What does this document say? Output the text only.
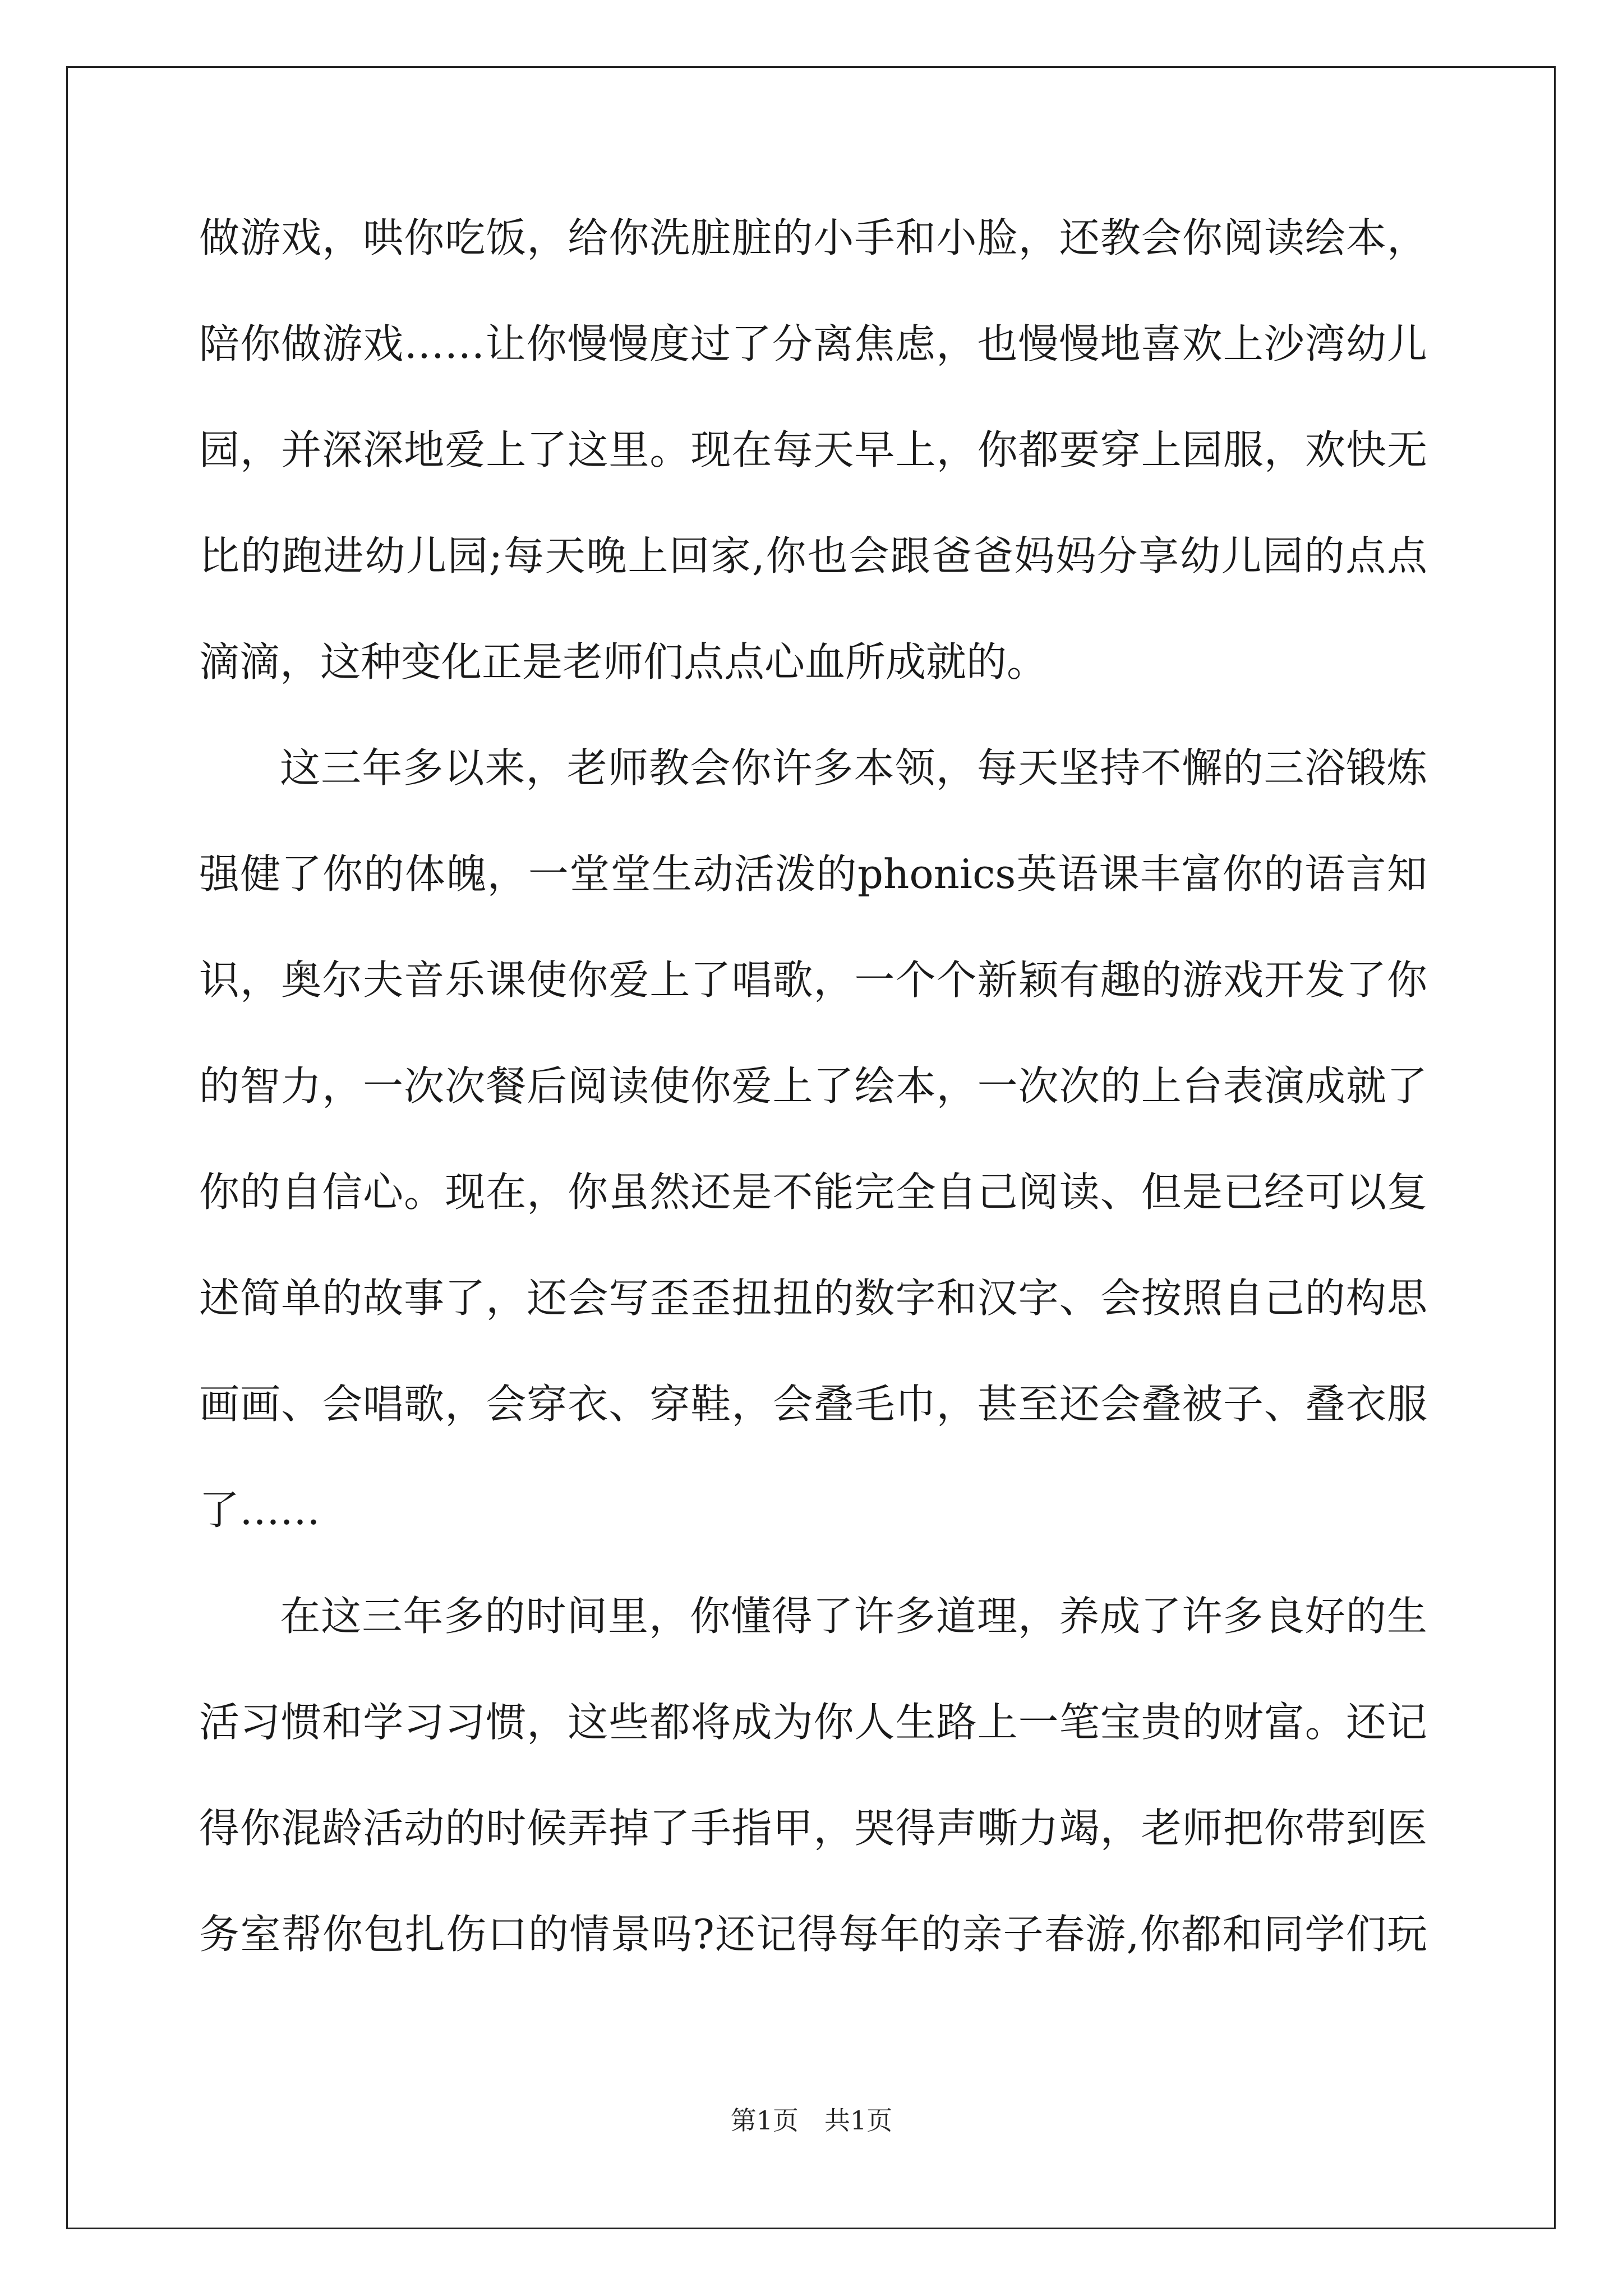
做游戏，哄你吃饭，给你洗脏脏的小手和小脸，还教会你阅读绘本，
陪你做游戏……让你慢慢度过了分离焦虑，也慢慢地喜欢上沙湾幼儿
园，并深深地爱上了这里。现在每天早上，你都要穿上园服，欢快无
比的跑进幼儿园;每天晚上回家,你也会跟爸爸妈妈分享幼儿园的点点
滴滴，这种变化正是老师们点点心血所成就的。
这三年多以来，老师教会你许多本领，每天坚持不懈的三浴锻炼
强健了你的体魄，一堂堂生动活泼的phonics英语课丰富你的语言知
识，奥尔夫音乐课使你爱上了唱歌，一个个新颖有趣的游戏开发了你
的智力，一次次餐后阅读使你爱上了绘本，一次次的上台表演成就了
你的自信心。现在，你虽然还是不能完全自己阅读、但是已经可以复
述简单的故事了，还会写歪歪扭扭的数字和汉字、会按照自己的构思
画画、会唱歌，会穿衣、穿鞋，会叠毛巾，甚至还会叠被子、叠衣服
了……
在这三年多的时间里，你懂得了许多道理，养成了许多良好的生
活习惯和学习习惯，这些都将成为你人生路上一笔宝贵的财富。还记
得你混龄活动的时候弄掉了手指甲，哭得声嘶力竭，老师把你带到医
务室帮你包扎伤口的情景吗?还记得每年的亲子春游,你都和同学们玩
第1页　共1页
